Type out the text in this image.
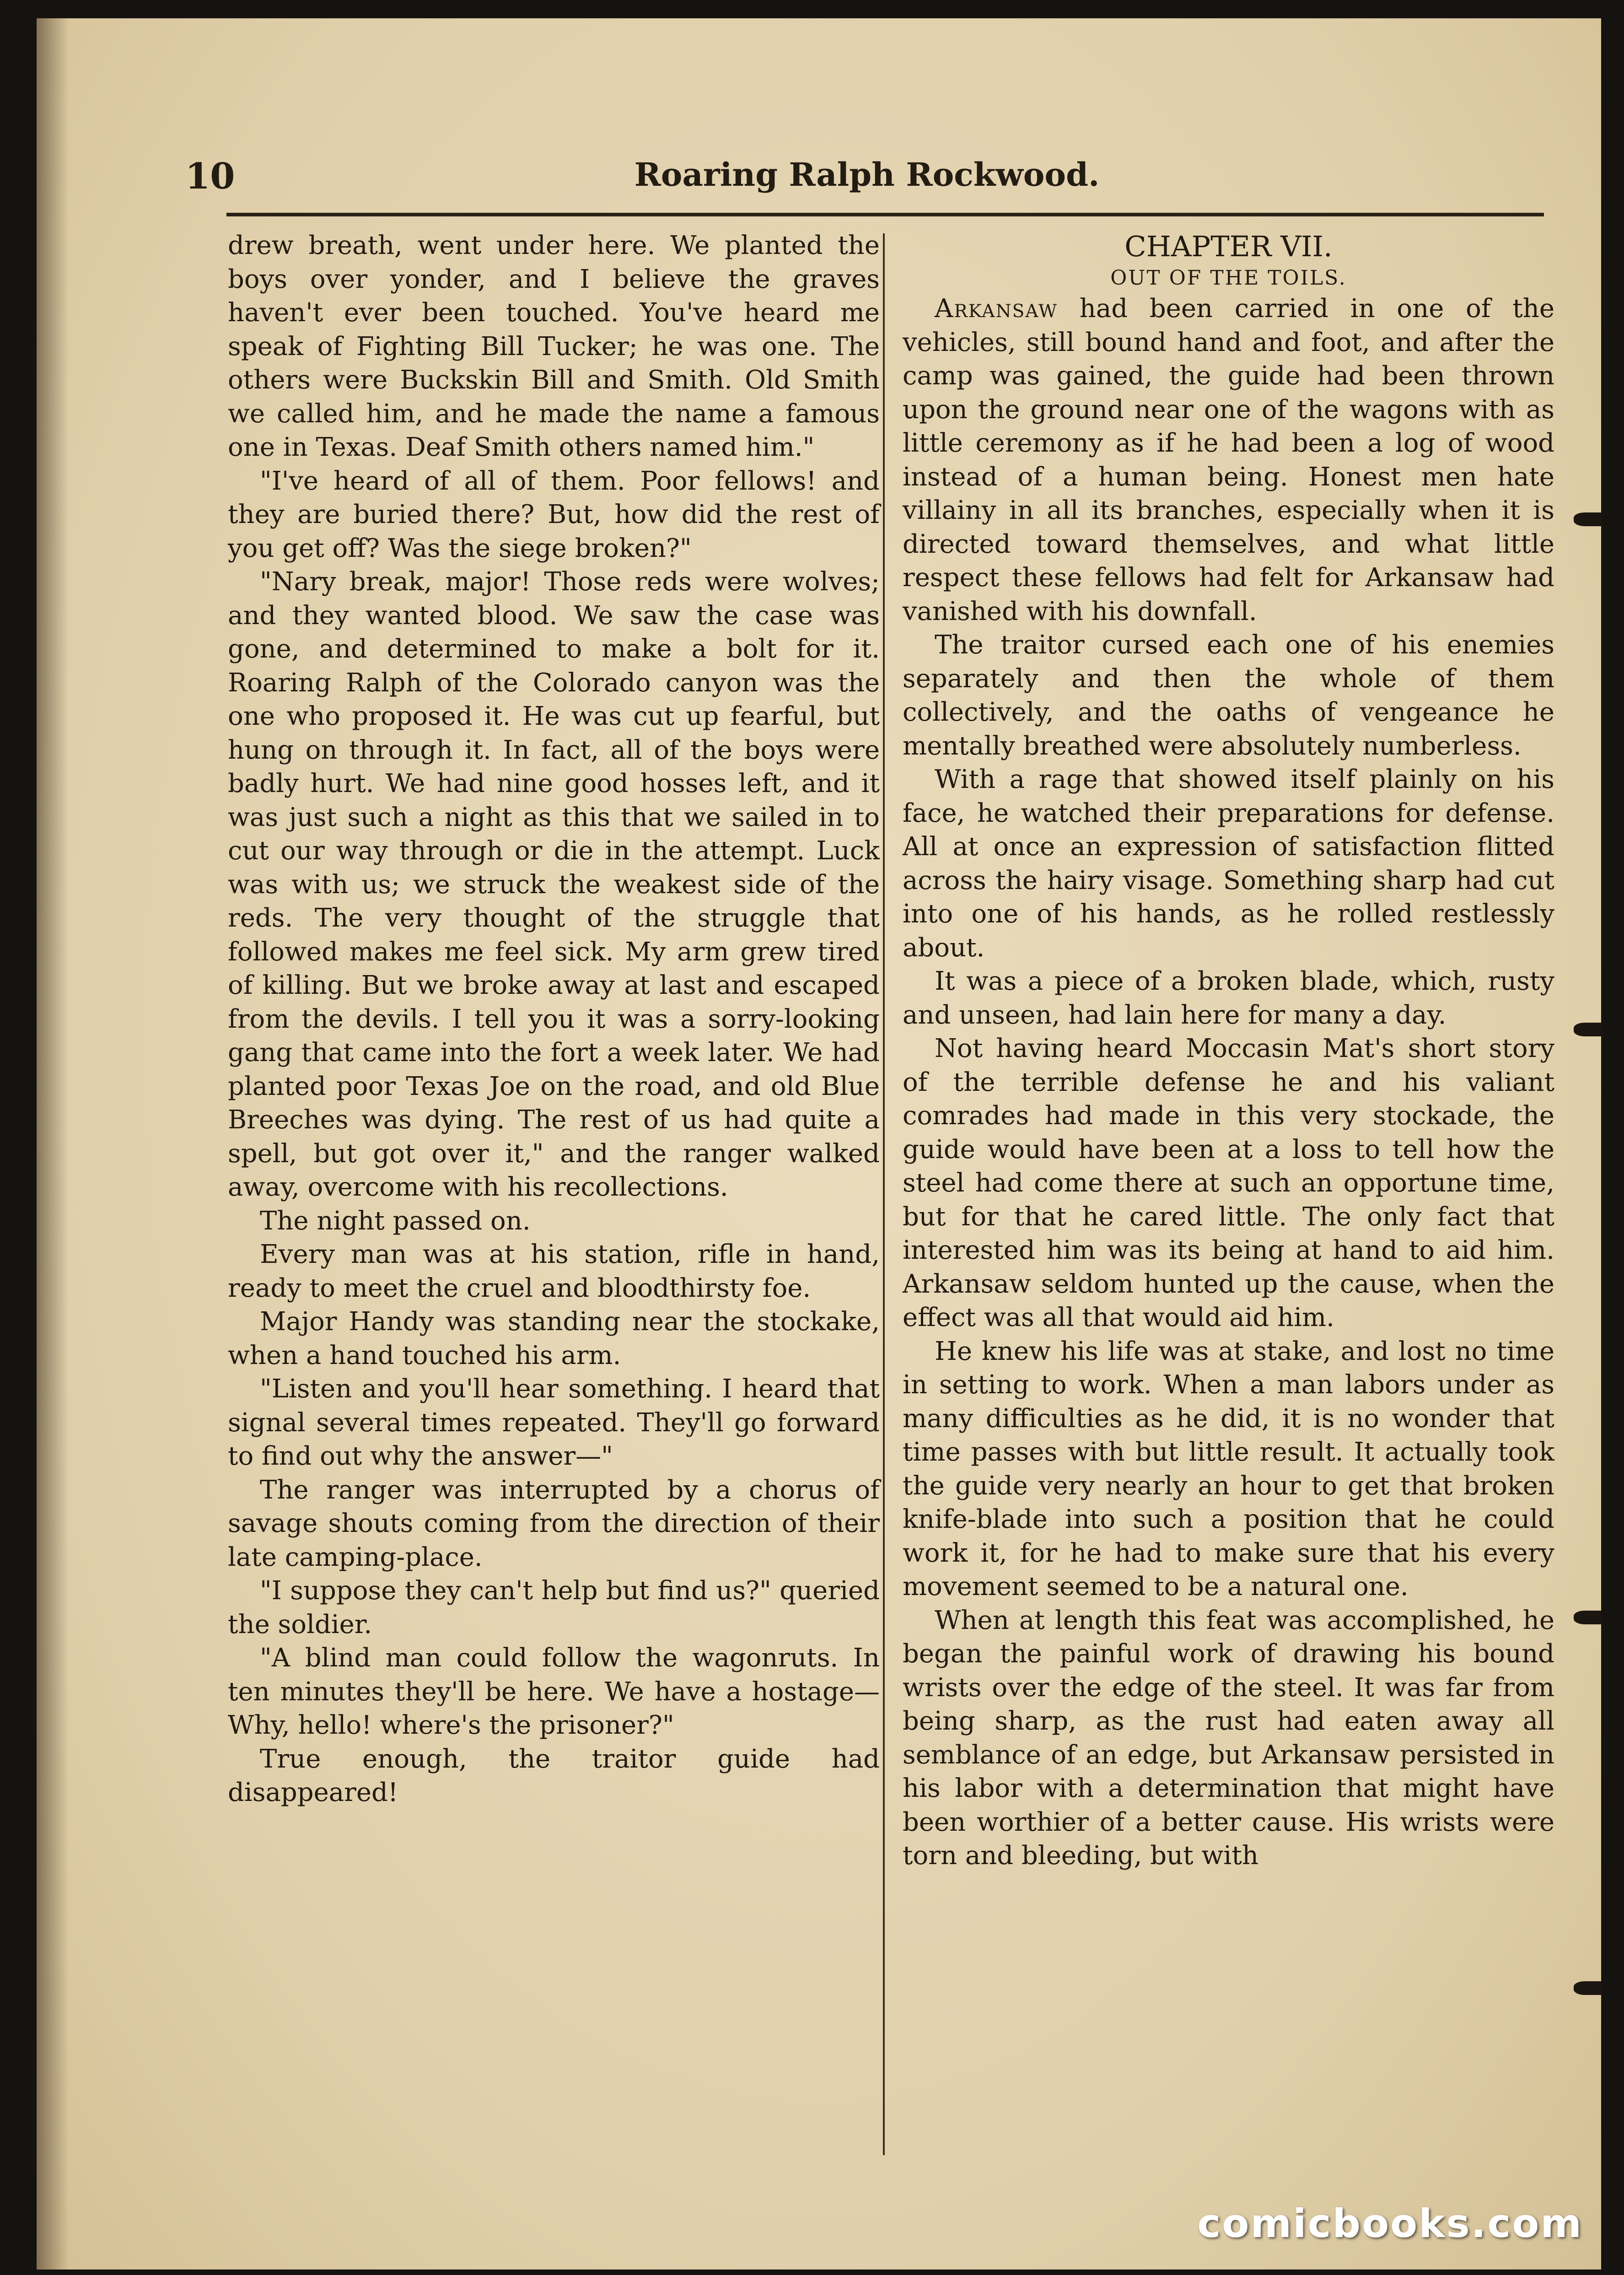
10	Roaring Ralph Rockwood.

drew breath, went under here. We planted the boys over yonder, and I believe the graves haven't ever been touched. You've heard me speak of Fighting Bill Tucker; he was one. The others were Buckskin Bill and Smith. Old Smith we called him, and he made the name a famous one in Texas. Deaf Smith others named him."

"I've heard of all of them. Poor fellows! and they are buried there? But, how did the rest of you get off? Was the siege broken?"

"Nary break, major! Those reds were wolves; and they wanted blood. We saw the case was gone, and determined to make a bolt for it. Roaring Ralph of the Colorado canyon was the one who proposed it. He was cut up fearful, but hung on through it. In fact, all of the boys were badly hurt. We had nine good hosses left, and it was just such a night as this that we sailed in to cut our way through or die in the attempt. Luck was with us; we struck the weakest side of the reds. The very thought of the struggle that followed makes me feel sick. My arm grew tired of killing. But we broke away at last and escaped from the devils. I tell you it was a sorry-looking gang that came into the fort a week later. We had planted poor Texas Joe on the road, and old Blue Breeches was dying. The rest of us had quite a spell, but got over it," and the ranger walked away, overcome with his recollections.

The night passed on.

Every man was at his station, rifle in hand, ready to meet the cruel and bloodthirsty foe.

Major Handy was standing near the stockake, when a hand touched his arm.

"Listen and you'll hear something. I heard that signal several times repeated. They'll go forward to find out why the answer—"

The ranger was interrupted by a chorus of savage shouts coming from the direction of their late camping-place.

"I suppose they can't help but find us?" queried the soldier.

"A blind man could follow the wagonruts. In ten minutes they'll be here. We have a hostage— Why, hello! where's the prisoner?"

True enough, the traitor guide had disappeared!

CHAPTER VII.

OUT OF THE TOILS.

Arkansaw had been carried in one of the vehicles, still bound hand and foot, and after the camp was gained, the guide had been thrown upon the ground near one of the wagons with as little ceremony as if he had been a log of wood instead of a human being. Honest men hate villainy in all its branches, especially when it is directed toward themselves, and what little respect these fellows had felt for Arkansaw had vanished with his downfall.

The traitor cursed each one of his enemies separately and then the whole of them collectively, and the oaths of vengeance he mentally breathed were absolutely numberless.

With a rage that showed itself plainly on his face, he watched their preparations for defense. All at once an expression of satisfaction flitted across the hairy visage. Something sharp had cut into one of his hands, as he rolled restlessly about.

It was a piece of a broken blade, which, rusty and unseen, had lain here for many a day.

Not having heard Moccasin Mat's short story of the terrible defense he and his valiant comrades had made in this very stockade, the guide would have been at a loss to tell how the steel had come there at such an opportune time, but for that he cared little. The only fact that interested him was its being at hand to aid him. Arkansaw seldom hunted up the cause, when the effect was all that would aid him.

He knew his life was at stake, and lost no time in setting to work. When a man labors under as many difficulties as he did, it is no wonder that time passes with but little result. It actually took the guide very nearly an hour to get that broken knife-blade into such a position that he could work it, for he had to make sure that his every movement seemed to be a natural one.

When at length this feat was accomplished, he began the painful work of drawing his bound wrists over the edge of the steel. It was far from being sharp, as the rust had eaten away all semblance of an edge, but Arkansaw persisted in his labor with a determination that might have been worthier of a better cause. His wrists were torn and bleeding, but with

comicbooks.com
